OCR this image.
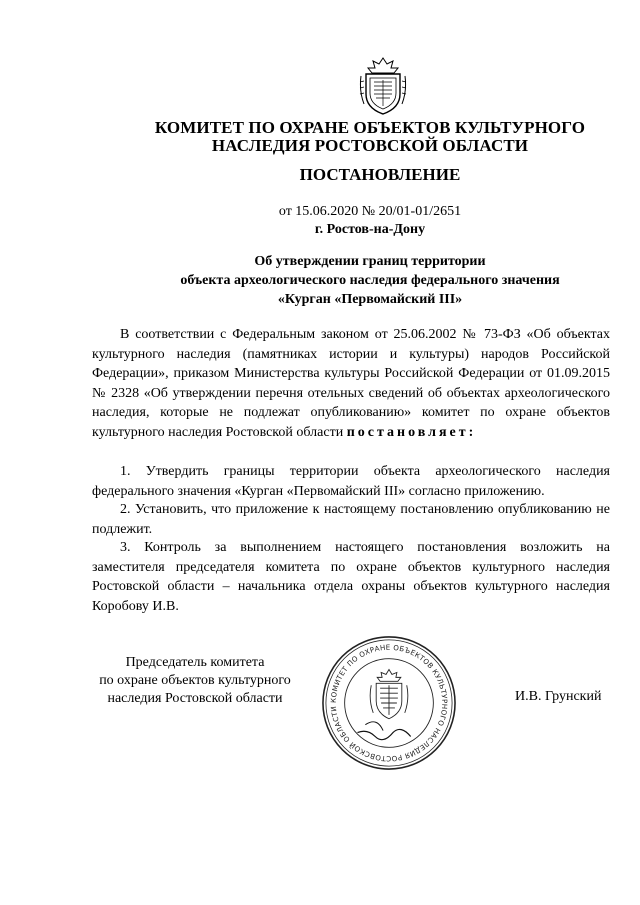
КОМИТЕТ ПО ОХРАНЕ ОБЪЕКТОВ КУЛЬТУРНОГО
НАСЛЕДИЯ РОСТОВСКОЙ ОБЛАСТИ
ПОСТАНОВЛЕНИЕ
от 15.06.2020 № 20/01-01/2651
г. Ростов-на-Дону
Об утверждении границ территории
объекта археологического наследия федерального значения
«Курган «Первомайский III»
В соответствии с Федеральным законом от 25.06.2002 № 73-ФЗ «Об объектах культурного наследия (памятниках истории и культуры) народов Российской Федерации», приказом Министерства культуры Российской Федерации от 01.09.2015 № 2328 «Об утверждении перечня отельных сведений об объектах археологического наследия, которые не подлежат опубликованию» комитет по охране объектов культурного наследия Ростовской области постановляет:
1. Утвердить границы территории объекта археологического наследия федерального значения «Курган «Первомайский III» согласно приложению.
2. Установить, что приложение к настоящему постановлению опубликованию не подлежит.
3. Контроль за выполнением настоящего постановления возложить на заместителя председателя комитета по охране объектов культурного наследия Ростовской области – начальника отдела охраны объектов культурного наследия Коробову И.В.
Председатель комитета
по охране объектов культурного
наследия Ростовской области	КОМИТЕТ ПО ОХРАНЕ ОБЪЕКТОВ КУЛЬТУРНОГО НАСЛЕДИЯ РОСТОВСКОЙ ОБЛАСТИ
И.В. Грунский
